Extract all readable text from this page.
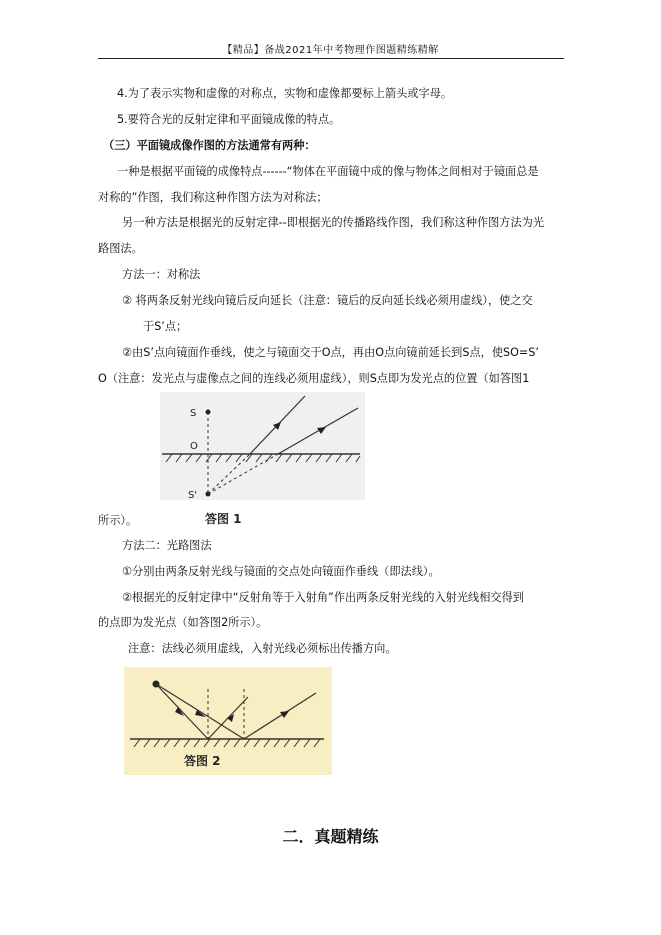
【精品】备战2021年中考物理作图题精练精解
4.为了表示实物和虚像的对称点，实物和虚像都要标上箭头或字母。
5.要符合光的反射定律和平面镜成像的特点。
（三）平面镜成像作图的方法通常有两种：
一种是根据平面镜的成像特点------“物体在平面镜中成的像与物体之间相对于镜面总是
对称的”作图，我们称这种作图方法为对称法；
另一种方法是根据光的反射定律--即根据光的传播路线作图，我们称这种作图方法为光
路图法。
方法一：对称法
② 将两条反射光线向镜后反向延长（注意：镜后的反向延长线必须用虚线），使之交
于S’点；
②由S’点向镜面作垂线，使之与镜面交于O点，再由O点向镜前延长到S点，使SO=S’
O（注意：发光点与虚像点之间的连线必须用虚线），则S点即为发光点的位置（如答图1
S
O
S'
答图 1
所示）。
方法二：光路图法
①分别由两条反射光线与镜面的交点处向镜面作垂线（即法线）。
②根据光的反射定律中“反射角等于入射角”作出两条反射光线的入射光线相交得到
的点即为发光点（如答图2所示）。
注意：法线必须用虚线，入射光线必须标出传播方向。
答图 2
二．真题精练
